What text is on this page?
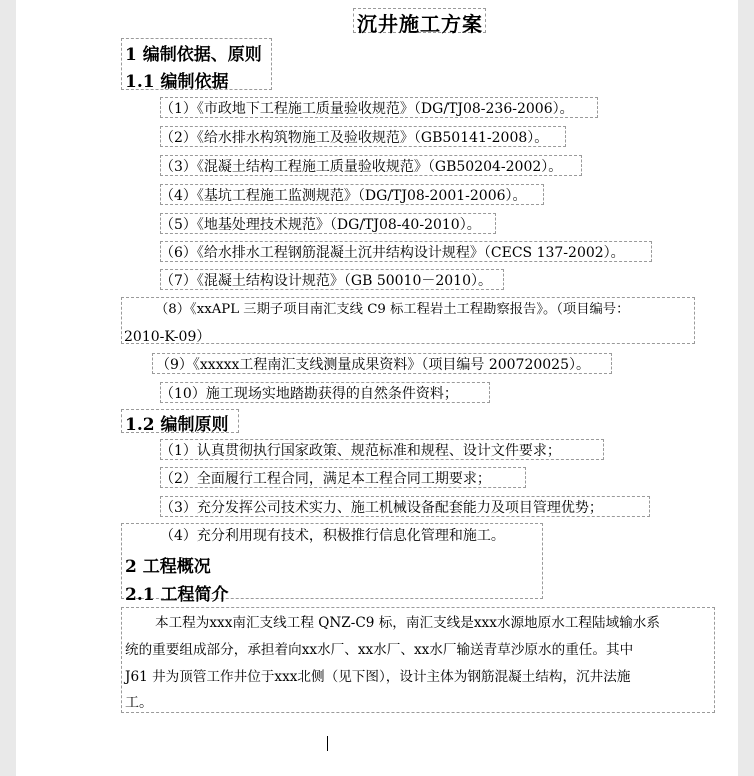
沉井施工方案
1 编制依据、原则
1.1 编制依据
（1）《市政地下工程施工质量验收规范》（DG/TJ08-236-2006）。
（2）《给水排水构筑物施工及验收规范》（GB50141-2008）。
（3）《混凝土结构工程施工质量验收规范》（GB50204-2002）。
（4）《基坑工程施工监测规范》（DG/TJ08-2001-2006）。
（5）《地基处理技术规范》（DG/TJ08-40-2010）。
（6）《给水排水工程钢筋混凝土沉井结构设计规程》（CECS 137-2002）。
（7）《混凝土结构设计规范》（GB 50010－2010）。
（8）《xxAPL 三期子项目南汇支线 C9 标工程岩土工程勘察报告》。（项目编号：
2010-K-09）
（9）《xxxxx工程南汇支线测量成果资料》（项目编号 200720025）。
（10）施工现场实地踏勘获得的自然条件资料；
1.2 编制原则
（1）认真贯彻执行国家政策、规范标准和规程、设计文件要求；
（2）全面履行工程合同，满足本工程合同工期要求；
（3）充分发挥公司技术实力、施工机械设备配套能力及项目管理优势；
（4）充分利用现有技术，积极推行信息化管理和施工。
2 工程概况
2.1 工程简介
本工程为xxx南汇支线工程 QNZ-C9 标，南汇支线是xxx水源地原水工程陆域输水系
统的重要组成部分，承担着向xx水厂、xx水厂、xx水厂输送青草沙原水的重任。其中
J61 井为顶管工作井位于xxx北侧（见下图），设计主体为钢筋混凝土结构，沉井法施
工。
